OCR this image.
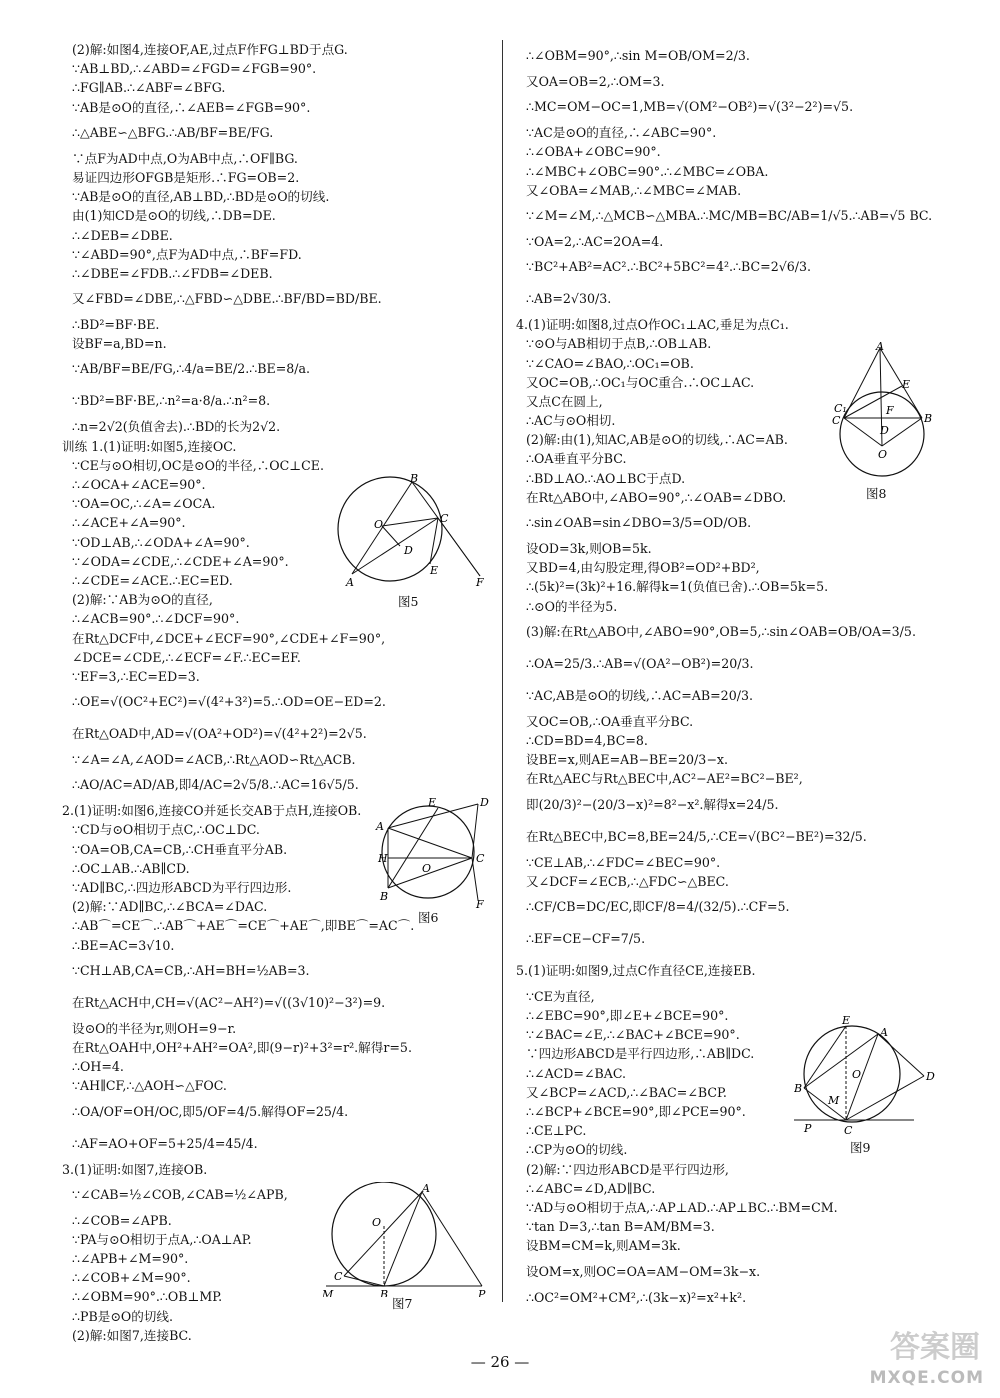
(2)解:如图4,连接OF,AE,过点F作FG⊥BD于点G.
∵AB⊥BD,∴∠ABD=∠FGD=∠FGB=90°.
∴FG∥AB.∴∠ABF=∠BFG.
∵AB是⊙O的直径,∴∠AEB=∠FGB=90°.
∴△ABE∽△BFG.∴AB/BF=BE/FG.
∵点F为AD中点,O为AB中点,∴OF∥BG.
易证四边形OFGB是矩形.∴FG=OB=2.
∵AB是⊙O的直径,AB⊥BD,∴BD是⊙O的切线.
由(1)知CD是⊙O的切线,∴DB=DE.
∴∠DEB=∠DBE.
∵∠ABD=90°,点F为AD中点,∴BF=FD.
∴∠DBE=∠FDB.∴∠FDB=∠DEB.
又∠FBD=∠DBE,∴△FBD∽△DBE.∴BF/BD=BD/BE.
∴BD²=BF·BE.
设BF=a,BD=n.
∵AB/BF=BE/FG,∴4/a=BE/2.∴BE=8/a.
∵BD²=BF·BE,∴n²=a·8/a.∴n²=8.
∴n=2√2(负值舍去).∴BD的长为2√2.
训练 1.(1)证明:如图5,连接OC.
∵CE与⊙O相切,OC是⊙O的半径,∴OC⊥CE.
∴∠OCA+∠ACE=90°.
∵OA=OC,∴∠A=∠OCA.
∴∠ACE+∠A=90°.
∵OD⊥AB,∴∠ODA+∠A=90°.
∵∠ODA=∠CDE,∴∠CDE+∠A=90°.
∴∠CDE=∠ACE.∴EC=ED.
(2)解:∵AB为⊙O的直径,
∴∠ACB=90°.∴∠DCF=90°.
在Rt△DCF中,∠DCE+∠ECF=90°,∠CDE+∠F=90°,
∠DCE=∠CDE,∴∠ECF=∠F.∴EC=EF.
∵EF=3,∴EC=ED=3.
∴OE=√(OC²+EC²)=√(4²+3²)=5.∴OD=OE−ED=2.
在Rt△OAD中,AD=√(OA²+OD²)=√(4²+2²)=2√5.
∵∠A=∠A,∠AOD=∠ACB,∴Rt△AOD∽Rt△ACB.
∴AO/AC=AD/AB,即4/AC=2√5/8.∴AC=16√5/5.
2.(1)证明:如图6,连接CO并延长交AB于点H,连接OB.
∵CD与⊙O相切于点C,∴OC⊥DC.
∵OA=OB,CA=CB,∴CH垂直平分AB.
∴OC⊥AB.∴AB∥CD.
∵AD∥BC,∴四边形ABCD为平行四边形.
(2)解:∵AD∥BC,∴∠BCA=∠DAC.
∴AB⌒=CE⌒.∴AB⌒+AE⌒=CE⌒+AE⌒,即BE⌒=AC⌒.
∴BE=AC=3√10.
∵CH⊥AB,CA=CB,∴AH=BH=½AB=3.
在Rt△ACH中,CH=√(AC²−AH²)=√((3√10)²−3²)=9.
设⊙O的半径为r,则OH=9−r.
在Rt△OAH中,OH²+AH²=OA²,即(9−r)²+3²=r².解得r=5.
∴OH=4.
∵AH∥CF,∴△AOH∽△FOC.
∴OA/OF=OH/OC,即5/OF=4/5.解得OF=25/4.
∴AF=AO+OF=5+25/4=45/4.
3.(1)证明:如图7,连接OB.
∵∠CAB=½∠COB,∠CAB=½∠APB,
∴∠COB=∠APB.
∵PA与⊙O相切于点A,∴OA⊥AP.
∴∠APB+∠M=90°.
∴∠COB+∠M=90°.
∴∠OBM=90°.∴OB⊥MP.
∴PB是⊙O的切线.
(2)解:如图7,连接BC.
∴∠OBM=90°,∴sin M=OB/OM=2/3.
又OA=OB=2,∴OM=3.
∴MC=OM−OC=1,MB=√(OM²−OB²)=√(3²−2²)=√5.
∵AC是⊙O的直径,∴∠ABC=90°.
∴∠OBA+∠OBC=90°.
∴∠MBC+∠OBC=90°.∴∠MBC=∠OBA.
又∠OBA=∠MAB,∴∠MBC=∠MAB.
∵∠M=∠M,∴△MCB∽△MBA.∴MC/MB=BC/AB=1/√5.∴AB=√5 BC.
∵OA=2,∴AC=2OA=4.
∵BC²+AB²=AC².∴BC²+5BC²=4².∴BC=2√6/3.
∴AB=2√30/3.
4.(1)证明:如图8,过点O作OC₁⊥AC,垂足为点C₁.
∵⊙O与AB相切于点B,∴OB⊥AB.
∵∠CAO=∠BAO,∴OC₁=OB.
又OC=OB,∴OC₁与OC重合.∴OC⊥AC.
又点C在圆上,
∴AC与⊙O相切.
(2)解:由(1),知AC,AB是⊙O的切线,∴AC=AB.
∴OA垂直平分BC.
∴BD⊥AO.∴AO⊥BC于点D.
在Rt△ABO中,∠ABO=90°,∴∠OAB=∠DBO.
∴sin∠OAB=sin∠DBO=3/5=OD/OB.
设OD=3k,则OB=5k.
又BD=4,由勾股定理,得OB²=OD²+BD²,
∴(5k)²=(3k)²+16.解得k=1(负值已舍).∴OB=5k=5.
∴⊙O的半径为5.
(3)解:在Rt△ABO中,∠ABO=90°,OB=5,∴sin∠OAB=OB/OA=3/5.
∴OA=25/3.∴AB=√(OA²−OB²)=20/3.
∵AC,AB是⊙O的切线,∴AC=AB=20/3.
又OC=OB,∴OA垂直平分BC.
∴CD=BD=4,BC=8.
设BE=x,则AE=AB−BE=20/3−x.
在Rt△AEC与Rt△BEC中,AC²−AE²=BC²−BE²,
即(20/3)²−(20/3−x)²=8²−x².解得x=24/5.
在Rt△BEC中,BC=8,BE=24/5,∴CE=√(BC²−BE²)=32/5.
∵CE⊥AB,∴∠FDC=∠BEC=90°.
又∠DCF=∠ECB,∴△FDC∽△BEC.
∴CF/CB=DC/EC,即CF/8=4/(32/5).∴CF=5.
∴EF=CE−CF=7/5.
5.(1)证明:如图9,过点C作直径CE,连接EB.
∵CE为直径,
∴∠EBC=90°,即∠E+∠BCE=90°.
∵∠BAC=∠E,∴∠BAC+∠BCE=90°.
∵四边形ABCD是平行四边形,∴AB∥DC.
∴∠ACD=∠BAC.
又∠BCP=∠ACD,∴∠BAC=∠BCP.
∴∠BCP+∠BCE=90°,即∠PCE=90°.
∴CE⊥PC.
∴CP为⊙O的切线.
(2)解:∵四边形ABCD是平行四边形,
∴∠ABC=∠D,AD∥BC.
∵AD与⊙O相切于点A,∴AP⊥AD.∴AP⊥BC.∴BM=CM.
∵tan D=3,∴tan B=AM/BM=3.
设BM=CM=k,则AM=3k.
设OM=x,则OC=OA=AM−OM=3k−x.
∴OC²=OM²+CM²,∴(3k−x)²=x²+k².
A
B
C
D
E
F
O
图5
A
H
B
C
D
E
F
O
图6
A
O
C
M	B	P
图7
A
E
F
C₁
C	B
D
O
图8
E
A
D
B
O
M
P	C
图9
— 26 —	答案圈
MXQE.COM
